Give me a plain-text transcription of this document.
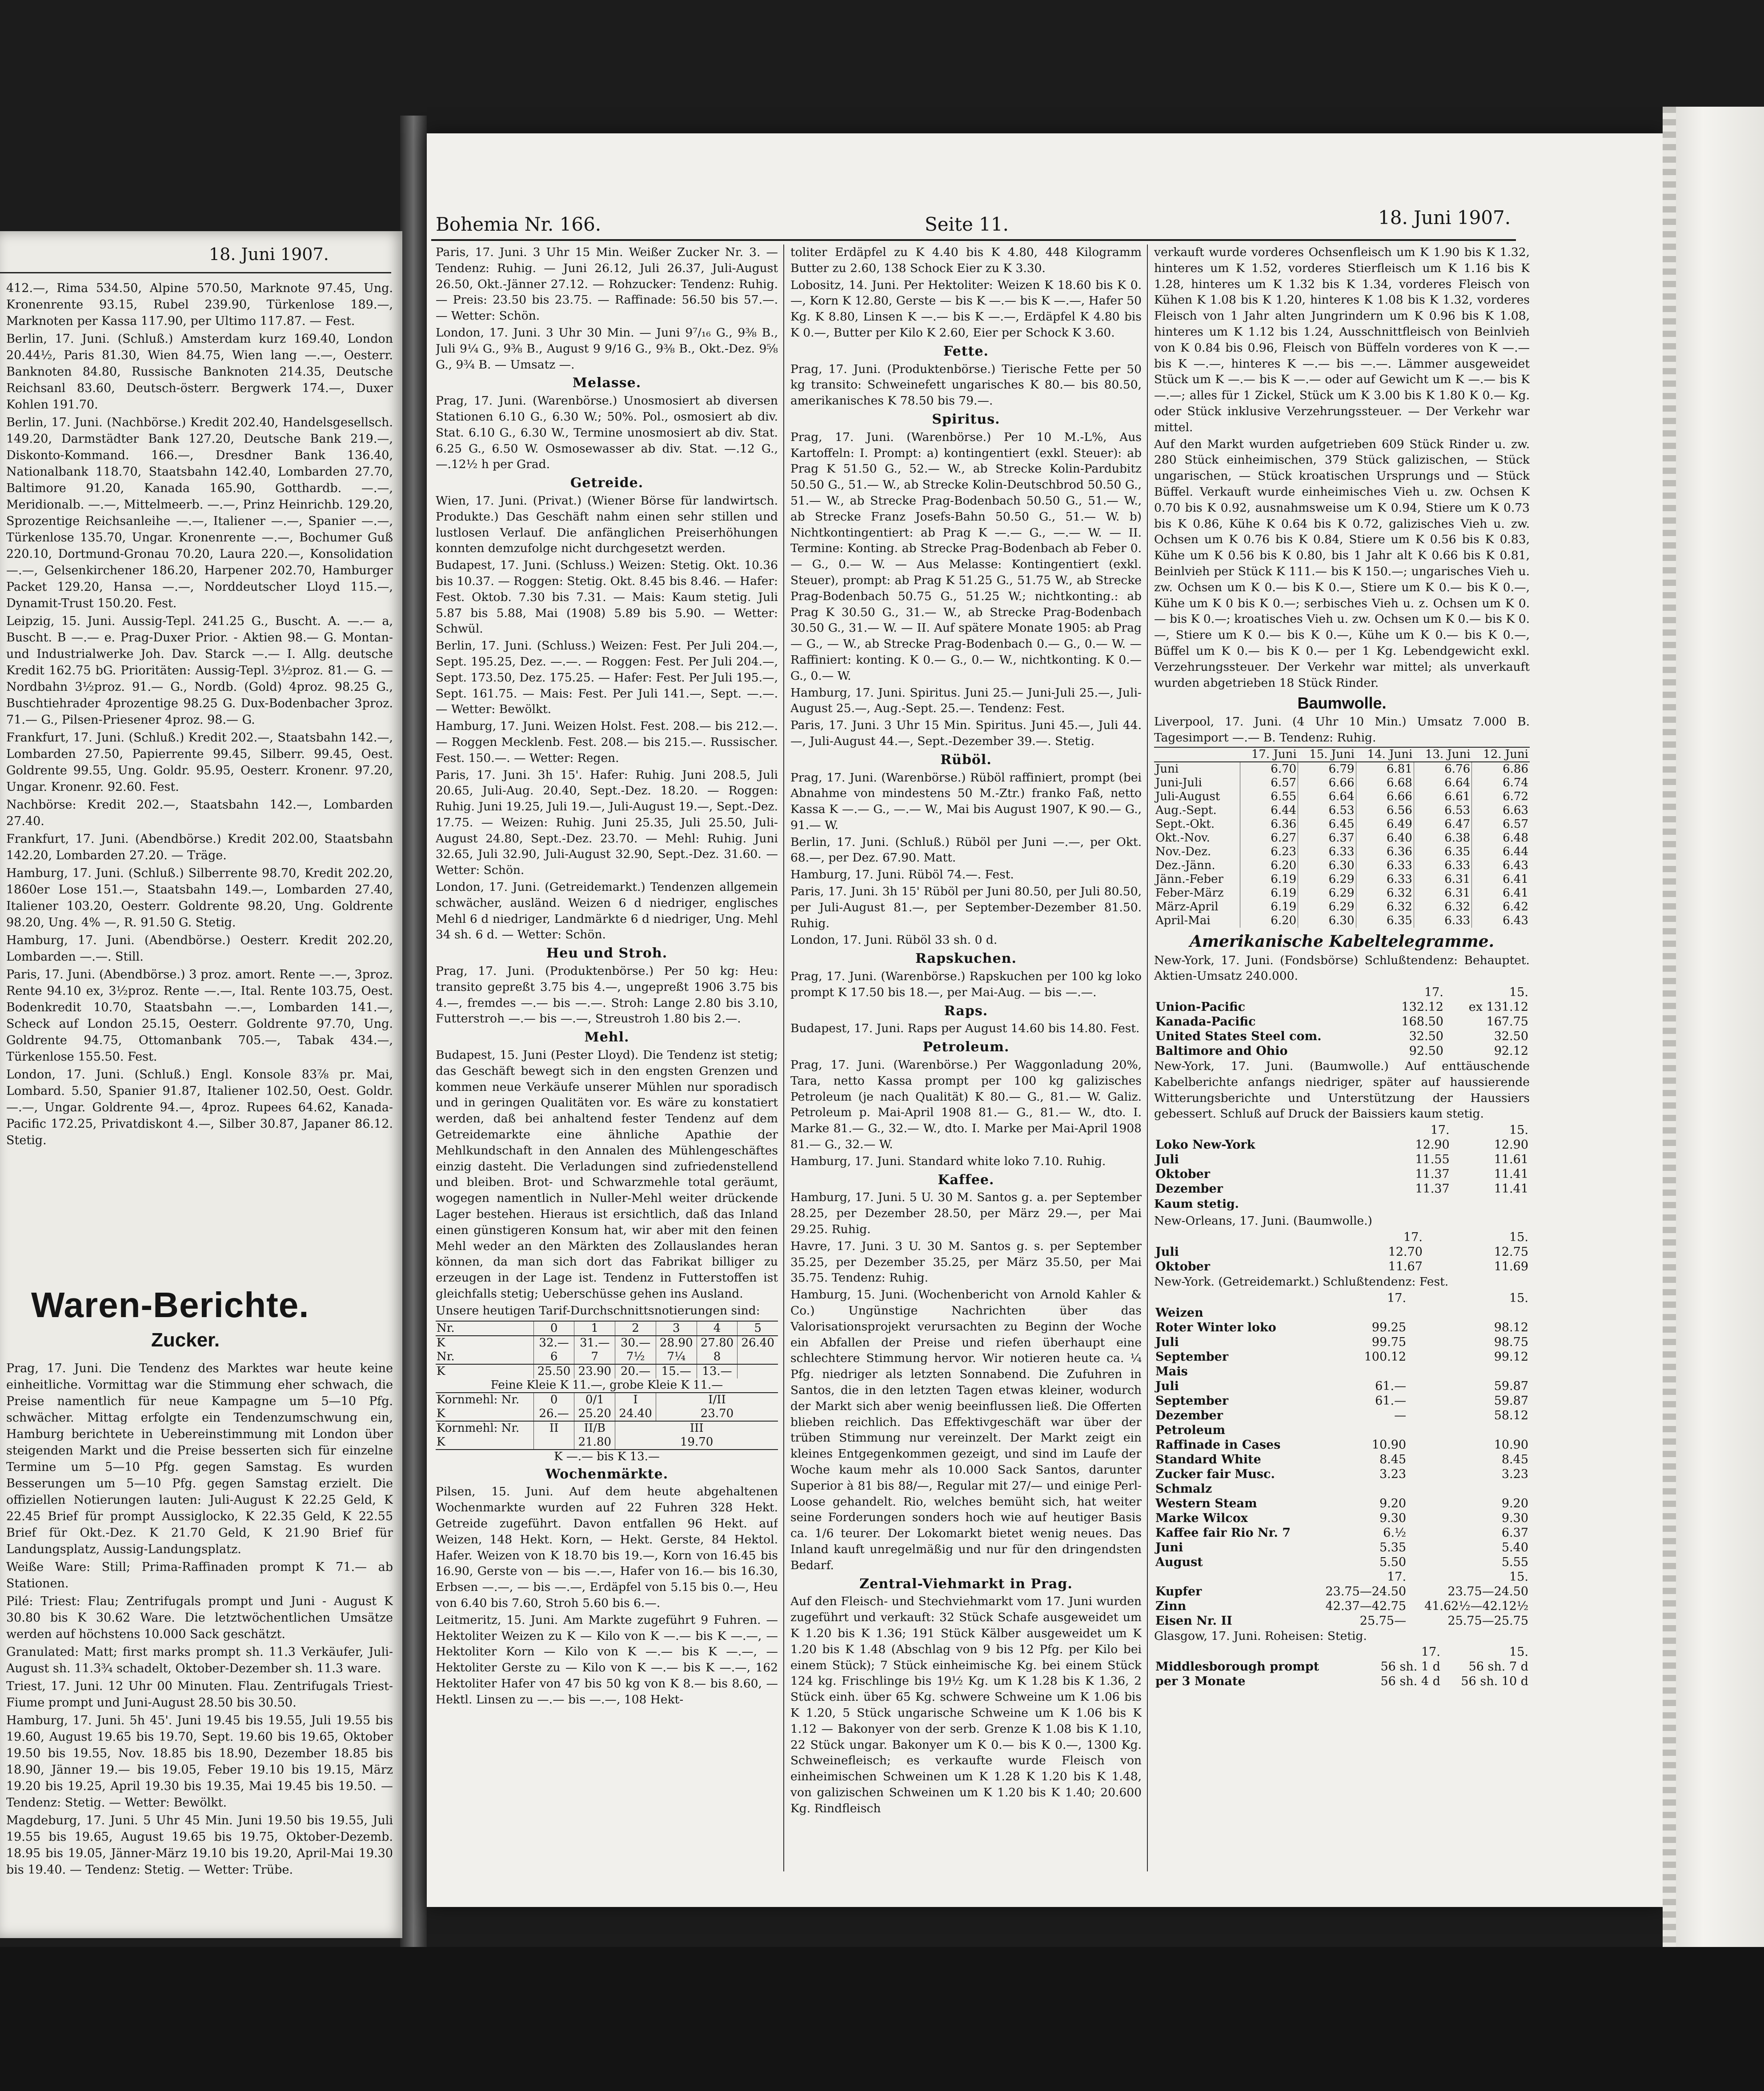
18. Juni 1907.

412.—, Rima 534.50, Alpine 570.50, Marknote 97.45, Ung. Kronenrente 93.15, Rubel 239.90, Türkenlose 189.—, Marknoten per Kassa 117.90, per Ultimo 117.87. — Fest.

Berlin, 17. Juni. (Schluß.) Amsterdam kurz 169.40, London 20.44½, Paris 81.30, Wien 84.75, Wien lang —.—, Oesterr. Banknoten 84.80, Russische Banknoten 214.35, Deutsche Reichsanl 83.60, Deutsch-österr. Bergwerk 174.—, Duxer Kohlen 191.70.

Berlin, 17. Juni. (Nachbörse.) Kredit 202.40, Handelsgesellsch. 149.20, Darmstädter Bank 127.20, Deutsche Bank 219.—, Diskonto-Kommand. 166.—, Dresdner Bank 136.40, Nationalbank 118.70, Staatsbahn 142.40, Lombarden 27.70, Baltimore 91.20, Kanada 165.90, Gotthardb. —.—, Meridionalb. —.—, Mittelmeerb. —.—, Prinz Heinrichb. 129.20, Sprozentige Reichsanleihe —.—, Italiener —.—, Spanier —.—, Türkenlose 135.70, Ungar. Kronenrente —.—, Bochumer Guß 220.10, Dortmund-Gronau 70.20, Laura 220.—, Konsolidation —.—, Gelsenkirchener 186.20, Harpener 202.70, Hamburger Packet 129.20, Hansa —.—, Norddeutscher Lloyd 115.—, Dynamit-Trust 150.20. Fest.

Leipzig, 15. Juni. Aussig-Tepl. 241.25 G., Buscht. A. —.— a, Buscht. B —.— e. Prag-Duxer Prior. - Aktien 98.— G. Montan- und Industrialwerke Joh. Dav. Starck —.— I. Allg. deutsche Kredit 162.75 bG. Prioritäten: Aussig-Tepl. 3½proz. 81.— G. — Nordbahn 3½proz. 91.— G., Nordb. (Gold) 4proz. 98.25 G., Buschtiehrader 4prozentige 98.25 G. Dux-Bodenbacher 3proz. 71.— G., Pilsen-Priesener 4proz. 98.— G.

Frankfurt, 17. Juni. (Schluß.) Kredit 202.—, Staatsbahn 142.—, Lombarden 27.50, Papierrente 99.45, Silberr. 99.45, Oest. Goldrente 99.55, Ung. Goldr. 95.95, Oesterr. Kronenr. 97.20, Ungar. Kronenr. 92.60. Fest.

Nachbörse: Kredit 202.—, Staatsbahn 142.—, Lombarden 27.40.

Frankfurt, 17. Juni. (Abendbörse.) Kredit 202.00, Staatsbahn 142.20, Lombarden 27.20. — Träge.

Hamburg, 17. Juni. (Schluß.) Silberrente 98.70, Kredit 202.20, 1860er Lose 151.—, Staatsbahn 149.—, Lombarden 27.40, Italiener 103.20, Oesterr. Goldrente 98.20, Ung. Goldrente 98.20, Ung. 4% —, R. 91.50 G. Stetig.

Hamburg, 17. Juni. (Abendbörse.) Oesterr. Kredit 202.20, Lombarden —.—. Still.

Paris, 17. Juni. (Abendbörse.) 3 proz. amort. Rente —.—, 3proz. Rente 94.10 ex, 3½proz. Rente —.—, Ital. Rente 103.75, Oest. Bodenkredit 10.70, Staatsbahn —.—, Lombarden 141.—, Scheck auf London 25.15, Oesterr. Goldrente 97.70, Ung. Goldrente 94.75, Ottomanbank 705.—, Tabak 434.—, Türkenlose 155.50. Fest.

London, 17. Juni. (Schluß.) Engl. Konsole 83⅞ pr. Mai, Lombard. 5.50, Spanier 91.87, Italiener 102.50, Oest. Goldr. —.—, Ungar. Goldrente 94.—, 4proz. Rupees 64.62, Kanada-Pacific 172.25, Privatdiskont 4.—, Silber 30.87, Japaner 86.12. Stetig.

Waren-Berichte.
Zucker.

Prag, 17. Juni. Die Tendenz des Marktes war heute keine einheitliche. Vormittag war die Stimmung eher schwach, die Preise namentlich für neue Kampagne um 5—10 Pfg. schwächer. Mittag erfolgte ein Tendenzumschwung ein, Hamburg berichtete in Uebereinstimmung mit London über steigenden Markt und die Preise besserten sich für einzelne Termine um 5—10 Pfg. gegen Samstag. Es wurden Besserungen um 5—10 Pfg. gegen Samstag erzielt. Die offiziellen Notierungen lauten: Juli-August K 22.25 Geld, K 22.45 Brief für prompt Aussiglocko, K 22.35 Geld, K 22.55 Brief für Okt.-Dez. K 21.70 Geld, K 21.90 Brief für Landungsplatz, Aussig-Landungsplatz.

Weiße Ware: Still; Prima-Raffinaden prompt K 71.— ab Stationen.

Pilé: Triest: Flau; Zentrifugals prompt und Juni - August K 30.80 bis K 30.62 Ware. Die letztwöchentlichen Umsätze werden auf höchstens 10.000 Sack geschätzt.

Granulated: Matt; first marks prompt sh. 11.3 Verkäufer, Juli-August sh. 11.3¾ schadelt, Oktober-Dezember sh. 11.3 ware.

Triest, 17. Juni. 12 Uhr 00 Minuten. Flau. Zentrifugals Triest-Fiume prompt und Juni-August 28.50 bis 30.50.

Hamburg, 17. Juni. 5h 45'. Juni 19.45 bis 19.55, Juli 19.55 bis 19.60, August 19.65 bis 19.70, Sept. 19.60 bis 19.65, Oktober 19.50 bis 19.55, Nov. 18.85 bis 18.90, Dezember 18.85 bis 18.90, Jänner 19.— bis 19.05, Feber 19.10 bis 19.15, März 19.20 bis 19.25, April 19.30 bis 19.35, Mai 19.45 bis 19.50. — Tendenz: Stetig. — Wetter: Bewölkt.

Magdeburg, 17. Juni. 5 Uhr 45 Min. Juni 19.50 bis 19.55, Juli 19.55 bis 19.65, August 19.65 bis 19.75, Oktober-Dezemb. 18.95 bis 19.05, Jänner-März 19.10 bis 19.20, April-Mai 19.30 bis 19.40. — Tendenz: Stetig. — Wetter: Trübe.

Bohemia Nr. 166.	Seite 11.	18. Juni 1907.

Paris, 17. Juni. 3 Uhr 15 Min. Weißer Zucker Nr. 3. — Tendenz: Ruhig. — Juni 26.12, Juli 26.37, Juli-August 26.50, Okt.-Jänner 27.12. — Rohzucker: Tendenz: Ruhig. — Preis: 23.50 bis 23.75. — Raffinade: 56.50 bis 57.—. — Wetter: Schön.

London, 17. Juni. 3 Uhr 30 Min. — Juni 9⁷/₁₆ G., 9⅜ B., Juli 9¼ G., 9⅜ B., August 9 9/16 G., 9⅜ B., Okt.-Dez. 9⅝ G., 9¾ B. — Umsatz —.

Melasse.

Prag, 17. Juni. (Warenbörse.) Unosmosiert ab diversen Stationen 6.10 G., 6.30 W.; 50%. Pol., osmosiert ab div. Stat. 6.10 G., 6.30 W., Termine unosmosiert ab div. Stat. 6.25 G., 6.50 W. Osmosewasser ab div. Stat. —.12 G., —.12½ h per Grad.

Getreide.

Wien, 17. Juni. (Privat.) (Wiener Börse für landwirtsch. Produkte.) Das Geschäft nahm einen sehr stillen und lustlosen Verlauf. Die anfänglichen Preiserhöhungen konnten demzufolge nicht durchgesetzt werden.

Budapest, 17. Juni. (Schluss.) Weizen: Stetig. Okt. 10.36 bis 10.37. — Roggen: Stetig. Okt. 8.45 bis 8.46. — Hafer: Fest. Oktob. 7.30 bis 7.31. — Mais: Kaum stetig. Juli 5.87 bis 5.88, Mai (1908) 5.89 bis 5.90. — Wetter: Schwül.

Berlin, 17. Juni. (Schluss.) Weizen: Fest. Per Juli 204.—, Sept. 195.25, Dez. —.—. — Roggen: Fest. Per Juli 204.—, Sept. 173.50, Dez. 175.25. — Hafer: Fest. Per Juli 195.—, Sept. 161.75. — Mais: Fest. Per Juli 141.—, Sept. —.—. — Wetter: Bewölkt.

Hamburg, 17. Juni. Weizen Holst. Fest. 208.— bis 212.—. — Roggen Mecklenb. Fest. 208.— bis 215.—. Russischer. Fest. 150.—. — Wetter: Regen.

Paris, 17. Juni. 3h 15'. Hafer: Ruhig. Juni 208.5, Juli 20.65, Juli-Aug. 20.40, Sept.-Dez. 18.20. — Roggen: Ruhig. Juni 19.25, Juli 19.—, Juli-August 19.—, Sept.-Dez. 17.75. — Weizen: Ruhig. Juni 25.35, Juli 25.50, Juli-August 24.80, Sept.-Dez. 23.70. — Mehl: Ruhig. Juni 32.65, Juli 32.90, Juli-August 32.90, Sept.-Dez. 31.60. — Wetter: Schön.

London, 17. Juni. (Getreidemarkt.) Tendenzen allgemein schwächer, ausländ. Weizen 6 d niedriger, englisches Mehl 6 d niedriger, Landmärkte 6 d niedriger, Ung. Mehl 34 sh. 6 d. — Wetter: Schön.

Heu und Stroh.

Prag, 17. Juni. (Produktenbörse.) Per 50 kg: Heu: transito gepreßt 3.75 bis 4.—, ungepreßt 1906 3.75 bis 4.—, fremdes —.— bis —.—. Stroh: Lange 2.80 bis 3.10, Futterstroh —.— bis —.—, Streustroh 1.80 bis 2.—.

Mehl.

Budapest, 15. Juni (Pester Lloyd). Die Tendenz ist stetig; das Geschäft bewegt sich in den engsten Grenzen und kommen neue Verkäufe unserer Mühlen nur sporadisch und in geringen Qualitäten vor. Es wäre zu konstatiert werden, daß bei anhaltend fester Tendenz auf dem Getreidemarkte eine ähnliche Apathie der Mehlkundschaft in den Annalen des Mühlengeschäftes einzig dasteht. Die Verladungen sind zufriedenstellend und bleiben. Brot- und Schwarzmehle total geräumt, wogegen namentlich in Nuller-Mehl weiter drückende Lager bestehen. Hieraus ist ersichtlich, daß das Inland einen günstigeren Konsum hat, wir aber mit den feinen Mehl weder an den Märkten des Zollauslandes heran können, da man sich dort das Fabrikat billiger zu erzeugen in der Lage ist. Tendenz in Futterstoffen ist gleichfalls stetig; Ueberschüsse gehen ins Ausland.

Unsere heutigen Tarif-Durchschnittsnotierungen sind:

Nr.	0	1	2	3	4	5
K	32.—	31.—	30.—	28.90	27.80	26.40
Nr.	6	7	7½	7¼	8	
K	25.50	23.90	20.—	15.—	13.—	
Feine Kleie K 11.—, grobe Kleie K 11.—						
Kornmehl: Nr.	0	0/1	I	I/II		
K	26.—	25.20	24.40	23.70		
Kornmehl: Nr.	II	II/B	III			
K		21.80	19.70			
K —.— bis K 13.—						
Wochenmärkte.

Pilsen, 15. Juni. Auf dem heute abgehaltenen Wochenmarkte wurden auf 22 Fuhren 328 Hekt. Getreide zugeführt. Davon entfallen 96 Hekt. auf Weizen, 148 Hekt. Korn, — Hekt. Gerste, 84 Hektol. Hafer. Weizen von K 18.70 bis 19.—, Korn von 16.45 bis 16.90, Gerste von — bis —.—, Hafer von 16.— bis 16.30, Erbsen —.—, — bis —.—, Erdäpfel von 5.15 bis 0.—, Heu von 6.40 bis 7.60, Stroh 5.60 bis 6.—.

Leitmeritz, 15. Juni. Am Markte zugeführt 9 Fuhren. — Hektoliter Weizen zu K — Kilo von K —.— bis K —.—, — Hektoliter Korn — Kilo von K —.— bis K —.—, — Hektoliter Gerste zu — Kilo von K —.— bis K —.—, 162 Hektoliter Hafer von 47 bis 50 kg von K 8.— bis 8.60, — Hektl. Linsen zu —.— bis —.—, 108 Hekt-

toliter Erdäpfel zu K 4.40 bis K 4.80, 448 Kilogramm Butter zu 2.60, 138 Schock Eier zu K 3.30.

Lobositz, 14. Juni. Per Hektoliter: Weizen K 18.60 bis K 0.—, Korn K 12.80, Gerste — bis K —.— bis K —.—, Hafer 50 Kg. K 8.80, Linsen K —.— bis K —.—, Erdäpfel K 4.80 bis K 0.—, Butter per Kilo K 2.60, Eier per Schock K 3.60.

Fette.

Prag, 17. Juni. (Produktenbörse.) Tierische Fette per 50 kg transito: Schweinefett ungarisches K 80.— bis 80.50, amerikanisches K 78.50 bis 79.—.

Spiritus.

Prag, 17. Juni. (Warenbörse.) Per 10 M.-L%, Aus Kartoffeln: I. Prompt: a) kontingentiert (exkl. Steuer): ab Prag K 51.50 G., 52.— W., ab Strecke Kolin-Pardubitz 50.50 G., 51.— W., ab Strecke Kolin-Deutschbrod 50.50 G., 51.— W., ab Strecke Prag-Bodenbach 50.50 G., 51.— W., ab Strecke Franz Josefs-Bahn 50.50 G., 51.— W. b) Nichtkontingentiert: ab Prag K —.— G., —.— W. — II. Termine: Konting. ab Strecke Prag-Bodenbach ab Feber 0.— G., 0.— W. — Aus Melasse: Kontingentiert (exkl. Steuer), prompt: ab Prag K 51.25 G., 51.75 W., ab Strecke Prag-Bodenbach 50.75 G., 51.25 W.; nichtkonting.: ab Prag K 30.50 G., 31.— W., ab Strecke Prag-Bodenbach 30.50 G., 31.— W. — II. Auf spätere Monate 1905: ab Prag — G., — W., ab Strecke Prag-Bodenbach 0.— G., 0.— W. — Raffiniert: konting. K 0.— G., 0.— W., nichtkonting. K 0.— G., 0.— W.

Hamburg, 17. Juni. Spiritus. Juni 25.— Juni-Juli 25.—, Juli-August 25.—, Aug.-Sept. 25.—. Tendenz: Fest.

Paris, 17. Juni. 3 Uhr 15 Min. Spiritus. Juni 45.—, Juli 44.—, Juli-August 44.—, Sept.-Dezember 39.—. Stetig.

Rüböl.

Prag, 17. Juni. (Warenbörse.) Rüböl raffiniert, prompt (bei Abnahme von mindestens 50 M.-Ztr.) franko Faß, netto Kassa K —.— G., —.— W., Mai bis August 1907, K 90.— G., 91.— W.

Berlin, 17. Juni. (Schluß.) Rüböl per Juni —.—, per Okt. 68.—, per Dez. 67.90. Matt.

Hamburg, 17. Juni. Rüböl 74.—. Fest.

Paris, 17. Juni. 3h 15' Rüböl per Juni 80.50, per Juli 80.50, per Juli-August 81.—, per September-Dezember 81.50. Ruhig.

London, 17. Juni. Rüböl 33 sh. 0 d.

Rapskuchen.

Prag, 17. Juni. (Warenbörse.) Rapskuchen per 100 kg loko prompt K 17.50 bis 18.—, per Mai-Aug. — bis —.—.

Raps.

Budapest, 17. Juni. Raps per August 14.60 bis 14.80. Fest.

Petroleum.

Prag, 17. Juni. (Warenbörse.) Per Waggonladung 20%, Tara, netto Kassa prompt per 100 kg galizisches Petroleum (je nach Qualität) K 80.— G., 81.— W. Galiz. Petroleum p. Mai-April 1908 81.— G., 81.— W., dto. I. Marke 81.— G., 32.— W., dto. I. Marke per Mai-April 1908 81.— G., 32.— W.

Hamburg, 17. Juni. Standard white loko 7.10. Ruhig.

Kaffee.

Hamburg, 17. Juni. 5 U. 30 M. Santos g. a. per September 28.25, per Dezember 28.50, per März 29.—, per Mai 29.25. Ruhig.

Havre, 17. Juni. 3 U. 30 M. Santos g. s. per September 35.25, per Dezember 35.25, per März 35.50, per Mai 35.75. Tendenz: Ruhig.

Hamburg, 15. Juni. (Wochenbericht von Arnold Kahler & Co.) Ungünstige Nachrichten über das Valorisationsprojekt verursachten zu Beginn der Woche ein Abfallen der Preise und riefen überhaupt eine schlechtere Stimmung hervor. Wir notieren heute ca. ¼ Pfg. niedriger als letzten Sonnabend. Die Zufuhren in Santos, die in den letzten Tagen etwas kleiner, wodurch der Markt sich aber wenig beeinflussen ließ. Die Offerten blieben reichlich. Das Effektivgeschäft war über der trüben Stimmung nur vereinzelt. Der Markt zeigt ein kleines Entgegenkommen gezeigt, und sind im Laufe der Woche kaum mehr als 10.000 Sack Santos, darunter Superior à 81 bis 88/—, Regular mit 27/— und einige Perl-Loose gehandelt. Rio, welches bemüht sich, hat weiter seine Forderungen sonders hoch wie auf heutiger Basis ca. 1/6 teurer. Der Lokomarkt bietet wenig neues. Das Inland kauft unregelmäßig und nur für den dringendsten Bedarf.

Zentral-Viehmarkt in Prag.

Auf den Fleisch- und Stechviehmarkt vom 17. Juni wurden zugeführt und verkauft: 32 Stück Schafe ausgeweidet um K 1.20 bis K 1.36; 191 Stück Kälber ausgeweidet um K 1.20 bis K 1.48 (Abschlag von 9 bis 12 Pfg. per Kilo bei einem Stück); 7 Stück einheimische Kg. bei einem Stück 124 kg. Frischlinge bis 19½ Kg. um K 1.28 bis K 1.36, 2 Stück einh. über 65 Kg. schwere Schweine um K 1.06 bis K 1.20, 5 Stück ungarische Schweine um K 1.06 bis K 1.12 — Bakonyer von der serb. Grenze K 1.08 bis K 1.10, 22 Stück ungar. Bakonyer um K 0.— bis K 0.—, 1300 Kg. Schweinefleisch; es verkaufte wurde Fleisch von einheimischen Schweinen um K 1.28 K 1.20 bis K 1.48, von galizischen Schweinen um K 1.20 bis K 1.40; 20.600 Kg. Rindfleisch

verkauft wurde vorderes Ochsenfleisch um K 1.90 bis K 1.32, hinteres um K 1.52, vorderes Stierfleisch um K 1.16 bis K 1.28, hinteres um K 1.32 bis K 1.34, vorderes Fleisch von Kühen K 1.08 bis K 1.20, hinteres K 1.08 bis K 1.32, vorderes Fleisch von 1 Jahr alten Jungrindern um K 0.96 bis K 1.08, hinteres um K 1.12 bis 1.24, Ausschnittfleisch von Beinlvieh von K 0.84 bis 0.96, Fleisch von Büffeln vorderes von K —.— bis K —.—, hinteres K —.— bis —.—. Lämmer ausgeweidet Stück um K —.— bis K —.— oder auf Gewicht um K —.— bis K —.—; alles für 1 Zickel, Stück um K 3.00 bis K 1.80 K 0.— Kg. oder Stück inklusive Verzehrungssteuer. — Der Verkehr war mittel.

Auf den Markt wurden aufgetrieben 609 Stück Rinder u. zw. 280 Stück einheimischen, 379 Stück galizischen, — Stück ungarischen, — Stück kroatischen Ursprungs und — Stück Büffel. Verkauft wurde einheimisches Vieh u. zw. Ochsen K 0.70 bis K 0.92, ausnahmsweise um K 0.94, Stiere um K 0.73 bis K 0.86, Kühe K 0.64 bis K 0.72, galizisches Vieh u. zw. Ochsen um K 0.76 bis K 0.84, Stiere um K 0.56 bis K 0.83, Kühe um K 0.56 bis K 0.80, bis 1 Jahr alt K 0.66 bis K 0.81, Beinlvieh per Stück K 111.— bis K 150.—; ungarisches Vieh u. zw. Ochsen um K 0.— bis K 0.—, Stiere um K 0.— bis K 0.—, Kühe um K 0 bis K 0.—; serbisches Vieh u. z. Ochsen um K 0.— bis K 0.—; kroatisches Vieh u. zw. Ochsen um K 0.— bis K 0.—, Stiere um K 0.— bis K 0.—, Kühe um K 0.— bis K 0.—, Büffel um K 0.— bis K 0.— per 1 Kg. Lebendgewicht exkl. Verzehrungssteuer. Der Verkehr war mittel; als unverkauft wurden abgetrieben 18 Stück Rinder.

Baumwolle.

Liverpool, 17. Juni. (4 Uhr 10 Min.) Umsatz 7.000 B. Tagesimport —.— B. Tendenz: Ruhig.

	17. Juni	15. Juni	14. Juni	13. Juni	12. Juni
Juni	6.70	6.79	6.81	6.76	6.86
Juni-Juli	6.57	6.66	6.68	6.64	6.74
Juli-August	6.55	6.64	6.66	6.61	6.72
Aug.-Sept.	6.44	6.53	6.56	6.53	6.63
Sept.-Okt.	6.36	6.45	6.49	6.47	6.57
Okt.-Nov.	6.27	6.37	6.40	6.38	6.48
Nov.-Dez.	6.23	6.33	6.36	6.35	6.44
Dez.-Jänn.	6.20	6.30	6.33	6.33	6.43
Jänn.-Feber	6.19	6.29	6.33	6.31	6.41
Feber-März	6.19	6.29	6.32	6.31	6.41
März-April	6.19	6.29	6.32	6.32	6.42
April-Mai	6.20	6.30	6.35	6.33	6.43
Amerikanische Kabeltelegramme.

New-York, 17. Juni. (Fondsbörse) Schlußtendenz: Behauptet. Aktien-Umsatz 240.000.

	17.	15.
Union-Pacific	132.12	ex 131.12
Kanada-Pacific	168.50	167.75
United States Steel com.	32.50	32.50
Baltimore and Ohio	92.50	92.12

New-York, 17. Juni. (Baumwolle.) Auf enttäuschende Kabelberichte anfangs niedriger, später auf haussierende Witterungsberichte und Unterstützung der Haussiers gebessert. Schluß auf Druck der Baissiers kaum stetig.

	17.	15.
Loko New-York	12.90	12.90
Juli	11.55	11.61
Oktober	11.37	11.41
Dezember	11.37	11.41

Kaum stetig.

New-Orleans, 17. Juni. (Baumwolle.)

	17.	15.
Juli	12.70	12.75
Oktober	11.67	11.69

New-York. (Getreidemarkt.) Schlußtendenz: Fest.

	17.	15.
Weizen		
Roter Winter loko	99.25	98.12
Juli	99.75	98.75
September	100.12	99.12
Mais		
Juli	61.—	59.87
September	61.—	59.87
Dezember	—	58.12
Petroleum		
Raffinade in Cases	10.90	10.90
Standard White	8.45	8.45
Zucker fair Musc.	3.23	3.23
Schmalz		
Western Steam	9.20	9.20
Marke Wilcox	9.30	9.30
Kaffee fair Rio Nr. 7	6.½	6.37
Juni	5.35	5.40
August	5.50	5.55
	17.	15.
Kupfer	23.75—24.50	23.75—24.50
Zinn	42.37—42.75	41.62½—42.12½
Eisen Nr. II	25.75—	25.75—25.75

Glasgow, 17. Juni. Roheisen: Stetig.

	17.	15.
Middlesborough prompt	56 sh. 1 d	56 sh. 7 d
per 3 Monate	56 sh. 4 d	56 sh. 10 d
